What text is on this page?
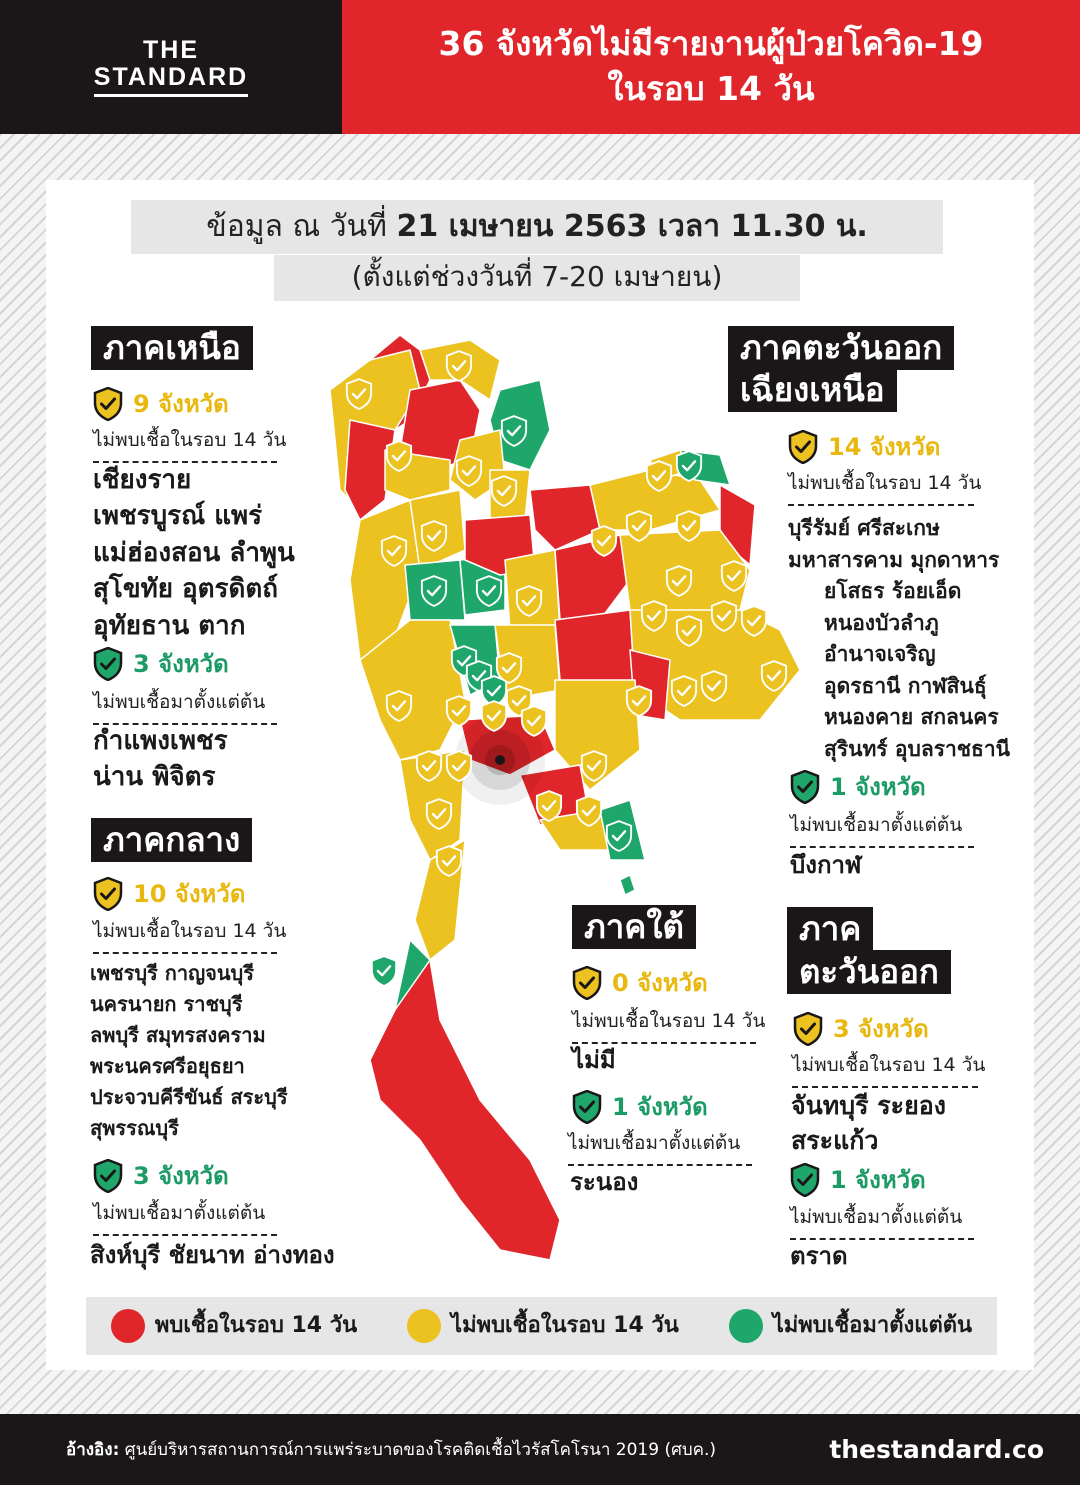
THE
STANDARD
36 จังหวัดไม่มีรายงานผู้ป่วยโควิด-19
ในรอบ 14 วัน
ข้อมูล ณ วันที่ 21 เมษายน 2563 เวลา 11.30 น.
(ตั้งแต่ช่วงวันที่ 7-20 เมษายน)
ภาคเหนือ
9 จังหวัด
ไม่พบเชื้อในรอบ 14 วัน
เชียงราย
เพชรบูรณ์ แพร่
แม่ฮ่องสอน ลำพูน
สุโขทัย อุตรดิตถ์
อุทัยธาน ตาก
3 จังหวัด
ไม่พบเชื้อมาตั้งแต่ต้น
กำแพงเพชร
น่าน พิจิตร
ภาคกลาง
10 จังหวัด
ไม่พบเชื้อในรอบ 14 วัน
เพชรบุรี กาญจนบุรี
นครนายก ราชบุรี
ลพบุรี สมุทรสงคราม
พระนครศรีอยุธยา
ประจวบคีรีขันธ์ สระบุรี
สุพรรณบุรี
3 จังหวัด
ไม่พบเชื้อมาตั้งแต่ต้น
สิงห์บุรี ชัยนาท อ่างทอง
ภาคตะวันออก
เฉียงเหนือ
14 จังหวัด
ไม่พบเชื้อในรอบ 14 วัน
บุรีรัมย์ ศรีสะเกษ
มหาสารคาม มุกดาหาร
ยโสธร ร้อยเอ็ด
หนองบัวลำภู
อำนาจเจริญ
อุดรธานี กาฬสินธุ์
หนองคาย สกลนคร
สุรินทร์ อุบลราชธานี
1 จังหวัด
ไม่พบเชื้อมาตั้งแต่ต้น
บึงกาฬ
ภาคใต้
0 จังหวัด
ไม่พบเชื้อในรอบ 14 วัน
ไม่มี
1 จังหวัด
ไม่พบเชื้อมาตั้งแต่ต้น
ระนอง
ภาค
ตะวันออก
3 จังหวัด
ไม่พบเชื้อในรอบ 14 วัน
จันทบุรี ระยอง
สระแก้ว
1 จังหวัด
ไม่พบเชื้อมาตั้งแต่ต้น
ตราด
พบเชื้อในรอบ 14 วัน	ไม่พบเชื้อในรอบ 14 วัน	ไม่พบเชื้อมาตั้งแต่ต้น
อ้างอิง: ศูนย์บริหารสถานการณ์การแพร่ระบาดของโรคติดเชื้อไวรัสโคโรนา 2019 (ศบค.)	thestandard.co
